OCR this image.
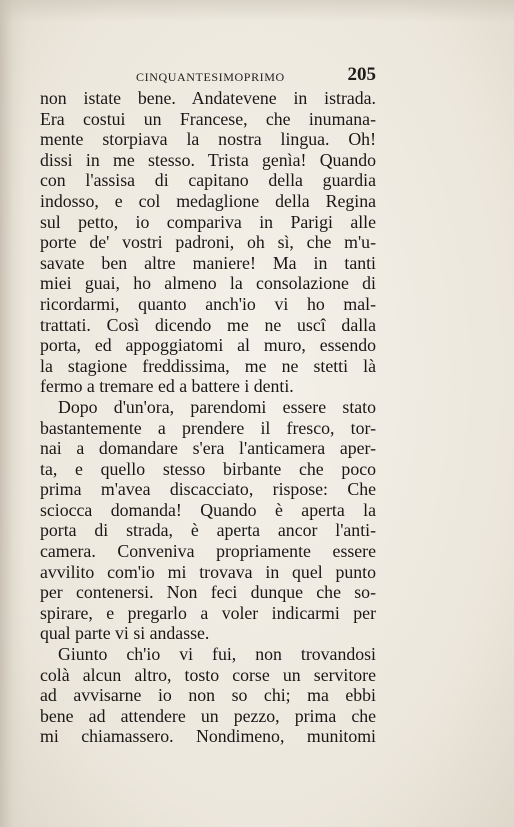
CINQUANTESIMOPRIMO	205
non istate bene. Andatevene in istrada.
Era costui un Francese, che inumana-
mente storpiava la nostra lingua. Oh!
dissi in me stesso. Trista genìa! Quando
con l'assisa di capitano della guardia
indosso, e col medaglione della Regina
sul petto, io compariva in Parigi alle
porte de' vostri padroni, oh sì, che m'u-
savate ben altre maniere! Ma in tanti
miei guai, ho almeno la consolazione di
ricordarmi, quanto anch'io vi ho mal-
trattati. Così dicendo me ne uscî dalla
porta, ed appoggiatomi al muro, essendo
la stagione freddissima, me ne stetti là
fermo a tremare ed a battere i denti.
Dopo d'un'ora, parendomi essere stato
bastantemente a prendere il fresco, tor-
nai a domandare s'era l'anticamera aper-
ta, e quello stesso birbante che poco
prima m'avea discacciato, rispose: Che
sciocca domanda! Quando è aperta la
porta di strada, è aperta ancor l'anti-
camera. Conveniva propriamente essere
avvilito com'io mi trovava in quel punto
per contenersi. Non feci dunque che so-
spirare, e pregarlo a voler indicarmi per
qual parte vi si andasse.
Giunto ch'io vi fui, non trovandosi
colà alcun altro, tosto corse un servitore
ad avvisarne io non so chi; ma ebbi
bene ad attendere un pezzo, prima che
mi chiamassero. Nondimeno, munitomi
